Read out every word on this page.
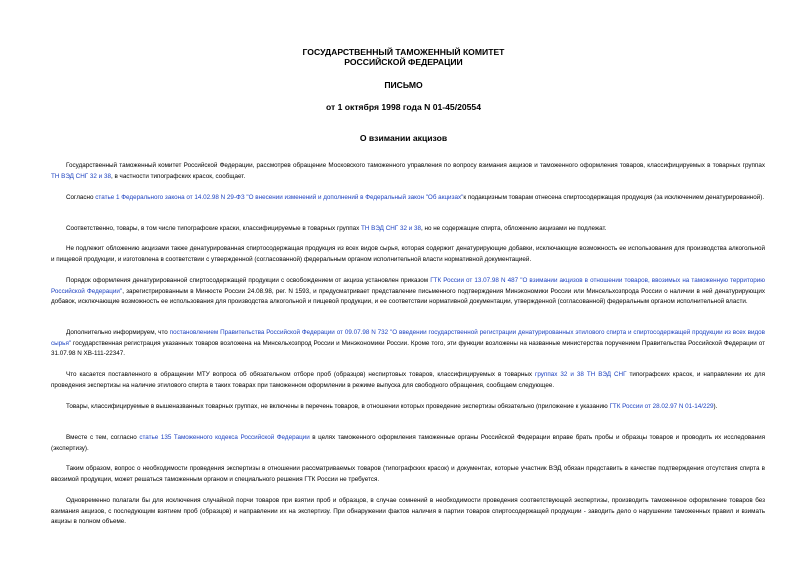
ГОСУДАРСТВЕННЫЙ ТАМОЖЕННЫЙ КОМИТЕТ
РОССИЙСКОЙ ФЕДЕРАЦИИ
ПИСЬМО
от 1 октября 1998 года N 01-45/20554
О взимании акцизов
Государственный таможенный комитет Российской Федерации, рассмотрев обращение Московского таможенного управления по вопросу взимания акцизов и таможенного оформления товаров, классифицируемых в товарных группах ТН ВЭД СНГ 32 и 38, в частности типографских красок, сообщает.
Согласно статье 1 Федерального закона от 14.02.98 N 29-ФЗ "О внесении изменений и дополнений в Федеральный закон "Об акцизах"к подакцизным товарам отнесена спиртосодержащая продукция (за исключением денатурированной).
Соответственно, товары, в том числе типографские краски, классифицируемые в товарных группах ТН ВЭД СНГ 32 и 38, но не содержащие спирта, обложению акцизами не подлежат.
Не подлежит обложению акцизами также денатурированная спиртосодержащая продукция из всех видов сырья, которая содержит денатурирующие добавки, исключающие возможность ее использования для производства алкогольной и пищевой продукции, и изготовлена в соответствии с утвержденной (согласованной) федеральным органом исполнительной власти нормативной документацией.
Порядок оформления денатурированной спиртосодержащей продукции с освобождением от акциза установлен приказом ГТК России от 13.07.98 N 487 "О взимании акцизов в отношении товаров, ввозимых на таможенную территорию Российской Федерации", зарегистрированным в Минюсте России 24.08.98, рег. N 1593, и предусматривает представление письменного подтверждения Минэкономики России или Минсельхозпрода России о наличии в ней денатурирующих добавок, исключающие возможность ее использования для производства алкогольной и пищевой продукции, и ее соответствии нормативной документации, утвержденной (согласованной) федеральным органом исполнительной власти.
Дополнительно информируем, что постановлением Правительства Российской Федерации от 09.07.98 N 732 "О введении государственной регистрации денатурированных этилового спирта и спиртосодержащей продукции из всех видов сырья" государственная регистрация указанных товаров возложена на Минсельхозпрод России и Минэкономики России. Кроме того, эти функции возложены на названные министерства поручением Правительства Российской Федерации от 31.07.98 N ХВ-111-22347.
Что касается поставленного в обращении МТУ вопроса об обязательном отборе проб (образцов) неспиртовых товаров, классифицируемых в товарных группах 32 и 38 ТН ВЭД СНГ типографских красок, и направлении их для проведения экспертизы на наличие этилового спирта в таких товарах при таможенном оформлении в режиме выпуска для свободного обращения, сообщаем следующее.
Товары, классифицируемые в вышеназванных товарных группах, не включены в перечень товаров, в отношении которых проведение экспертизы обязательно (приложение к указанию ГТК России от 28.02.97 N 01-14/229).
Вместе с тем, согласно статье 135 Таможенного кодекса Российской Федерации в целях таможенного оформления таможенные органы Российской Федерации вправе брать пробы и образцы товаров и проводить их исследования (экспертизу).
Таким образом, вопрос о необходимости проведения экспертизы в отношении рассматриваемых товаров (типографских красок) и документах, которые участник ВЭД обязан представить в качестве подтверждения отсутствия спирта в ввозимой продукции, может решаться таможенным органом и специального решения ГТК России не требуется.
Одновременно полагали бы для исключения случайной порчи товаров при взятии проб и образцов, в случае сомнений в необходимости проведения соответствующей экспертизы, производить таможенное оформление товаров без взимания акцизов, с последующим взятием проб (образцов) и направлении их на экспертизу. При обнаружении фактов наличия в партии товаров спиртосодержащей продукции - заводить дело о нарушении таможенных правил и взимать акцизы в полном объеме.
